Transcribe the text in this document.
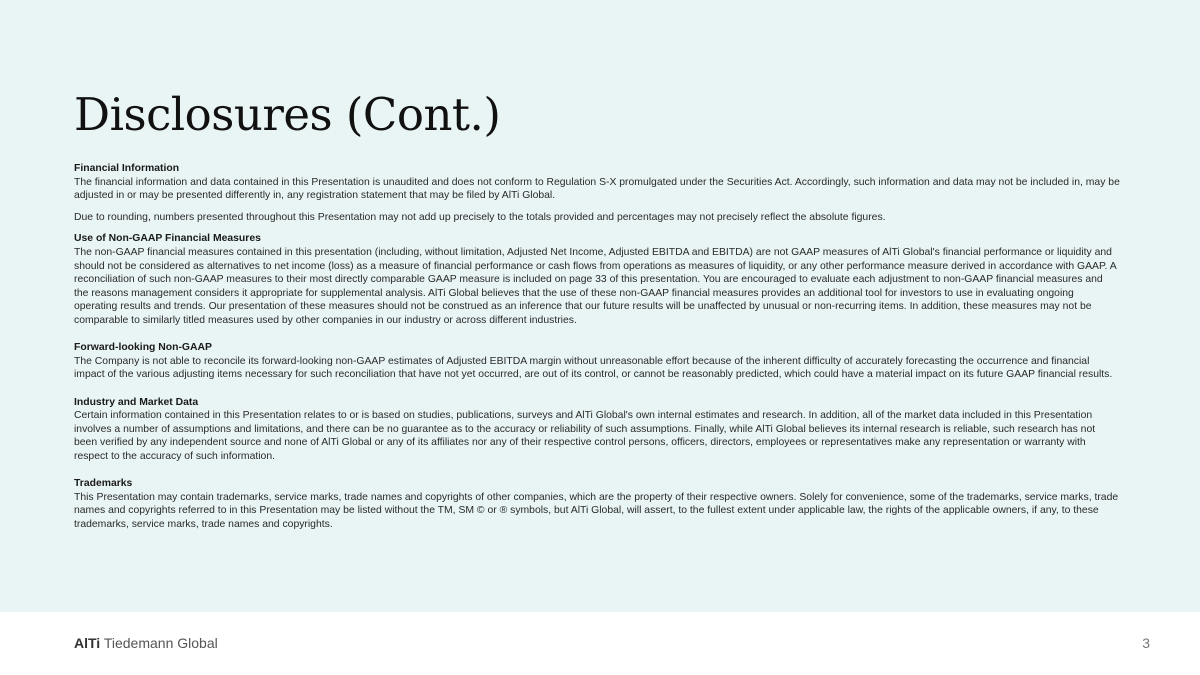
Disclosures (Cont.)
Financial Information
The financial information and data contained in this Presentation is unaudited and does not conform to Regulation S-X promulgated under the Securities Act. Accordingly, such information and data may not be included in, may be adjusted in or may be presented differently in, any registration statement that may be filed by AlTi Global.
Due to rounding, numbers presented throughout this Presentation may not add up precisely to the totals provided and percentages may not precisely reflect the absolute figures.
Use of Non-GAAP Financial Measures
The non-GAAP financial measures contained in this presentation (including, without limitation, Adjusted Net Income, Adjusted EBITDA and EBITDA) are not GAAP measures of AlTi Global's financial performance or liquidity and should not be considered as alternatives to net income (loss) as a measure of financial performance or cash flows from operations as measures of liquidity, or any other performance measure derived in accordance with GAAP. A reconciliation of such non-GAAP measures to their most directly comparable GAAP measure is included on page 33 of this presentation. You are encouraged to evaluate each adjustment to non-GAAP financial measures and the reasons management considers it appropriate for supplemental analysis. AlTi Global believes that the use of these non-GAAP financial measures provides an additional tool for investors to use in evaluating ongoing operating results and trends. Our presentation of these measures should not be construed as an inference that our future results will be unaffected by unusual or non-recurring items. In addition, these measures may not be comparable to similarly titled measures used by other companies in our industry or across different industries.
Forward-looking Non-GAAP
The Company is not able to reconcile its forward-looking non-GAAP estimates of Adjusted EBITDA margin without unreasonable effort because of the inherent difficulty of accurately forecasting the occurrence and financial impact of the various adjusting items necessary for such reconciliation that have not yet occurred, are out of its control, or cannot be reasonably predicted, which could have a material impact on its future GAAP financial results.
Industry and Market Data
Certain information contained in this Presentation relates to or is based on studies, publications, surveys and AlTi Global's own internal estimates and research. In addition, all of the market data included in this Presentation involves a number of assumptions and limitations, and there can be no guarantee as to the accuracy or reliability of such assumptions. Finally, while AlTi Global believes its internal research is reliable, such research has not been verified by any independent source and none of AlTi Global or any of its affiliates nor any of their respective control persons, officers, directors, employees or representatives make any representation or warranty with respect to the accuracy of such information.
Trademarks
This Presentation may contain trademarks, service marks, trade names and copyrights of other companies, which are the property of their respective owners. Solely for convenience, some of the trademarks, service marks, trade names and copyrights referred to in this Presentation may be listed without the TM, SM © or ® symbols, but AlTi Global, will assert, to the fullest extent under applicable law, the rights of the applicable owners, if any, to these trademarks, service marks, trade names and copyrights.
AlTi Tiedemann Global	3
